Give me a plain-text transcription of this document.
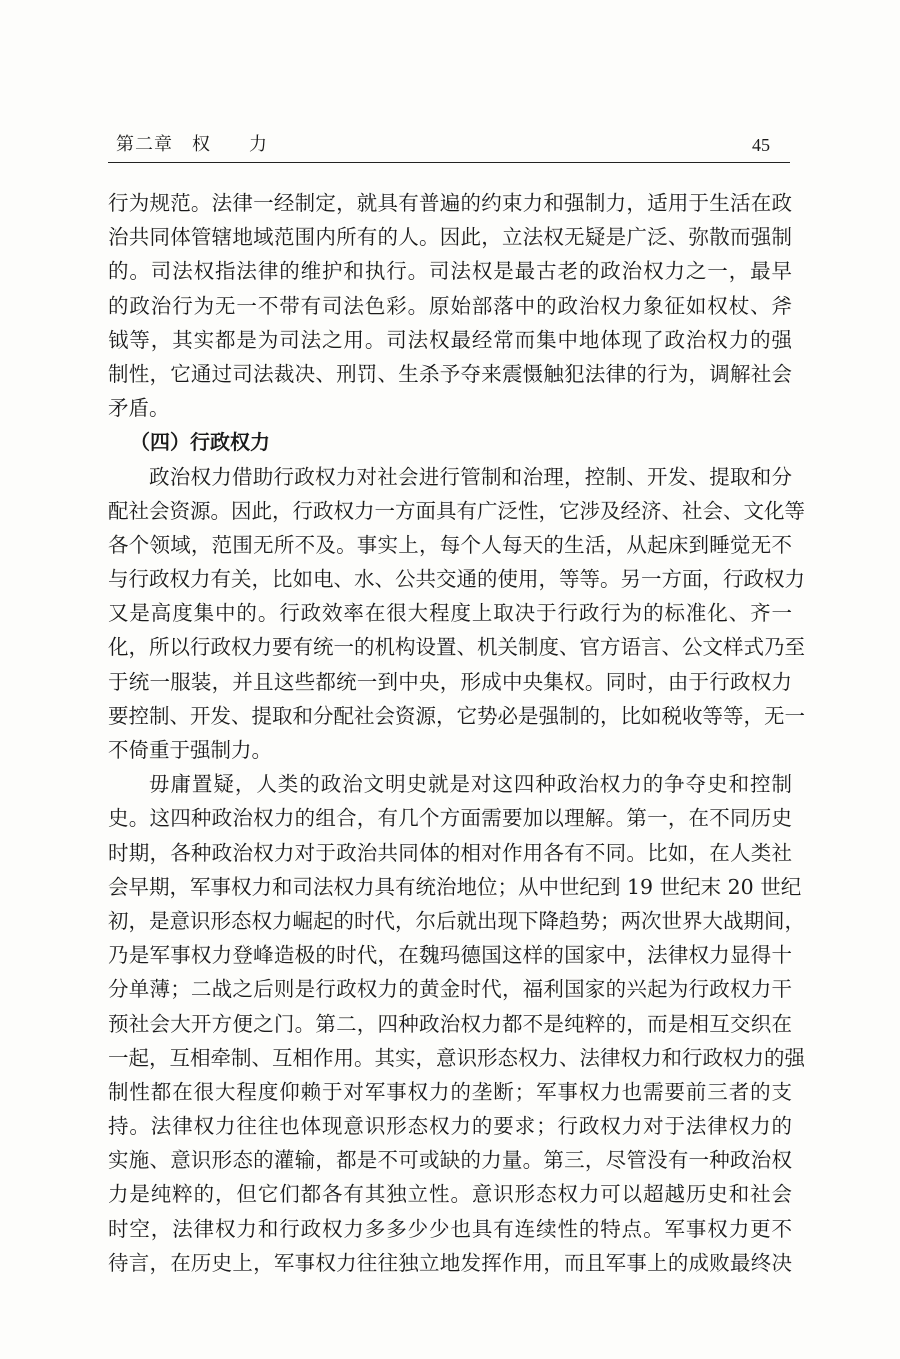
第二章　权　　力	45
行为规范。法律一经制定，就具有普遍的约束力和强制力，适用于生活在政
治共同体管辖地域范围内所有的人。因此，立法权无疑是广泛、弥散而强制
的。司法权指法律的维护和执行。司法权是最古老的政治权力之一，最早
的政治行为无一不带有司法色彩。原始部落中的政治权力象征如权杖、斧
钺等，其实都是为司法之用。司法权最经常而集中地体现了政治权力的强
制性，它通过司法裁决、刑罚、生杀予夺来震慑触犯法律的行为，调解社会
矛盾。
（四）行政权力
政治权力借助行政权力对社会进行管制和治理，控制、开发、提取和分
配社会资源。因此，行政权力一方面具有广泛性，它涉及经济、社会、文化等
各个领域，范围无所不及。事实上，每个人每天的生活，从起床到睡觉无不
与行政权力有关，比如电、水、公共交通的使用，等等。另一方面，行政权力
又是高度集中的。行政效率在很大程度上取决于行政行为的标准化、齐一
化，所以行政权力要有统一的机构设置、机关制度、官方语言、公文样式乃至
于统一服装，并且这些都统一到中央，形成中央集权。同时，由于行政权力
要控制、开发、提取和分配社会资源，它势必是强制的，比如税收等等，无一
不倚重于强制力。
毋庸置疑，人类的政治文明史就是对这四种政治权力的争夺史和控制
史。这四种政治权力的组合，有几个方面需要加以理解。第一，在不同历史
时期，各种政治权力对于政治共同体的相对作用各有不同。比如，在人类社
会早期，军事权力和司法权力具有统治地位；从中世纪到 19 世纪末 20 世纪
初，是意识形态权力崛起的时代，尔后就出现下降趋势；两次世界大战期间，
乃是军事权力登峰造极的时代，在魏玛德国这样的国家中，法律权力显得十
分单薄；二战之后则是行政权力的黄金时代，福利国家的兴起为行政权力干
预社会大开方便之门。第二，四种政治权力都不是纯粹的，而是相互交织在
一起，互相牵制、互相作用。其实，意识形态权力、法律权力和行政权力的强
制性都在很大程度仰赖于对军事权力的垄断；军事权力也需要前三者的支
持。法律权力往往也体现意识形态权力的要求；行政权力对于法律权力的
实施、意识形态的灌输，都是不可或缺的力量。第三，尽管没有一种政治权
力是纯粹的，但它们都各有其独立性。意识形态权力可以超越历史和社会
时空，法律权力和行政权力多多少少也具有连续性的特点。军事权力更不
待言，在历史上，军事权力往往独立地发挥作用，而且军事上的成败最终决
